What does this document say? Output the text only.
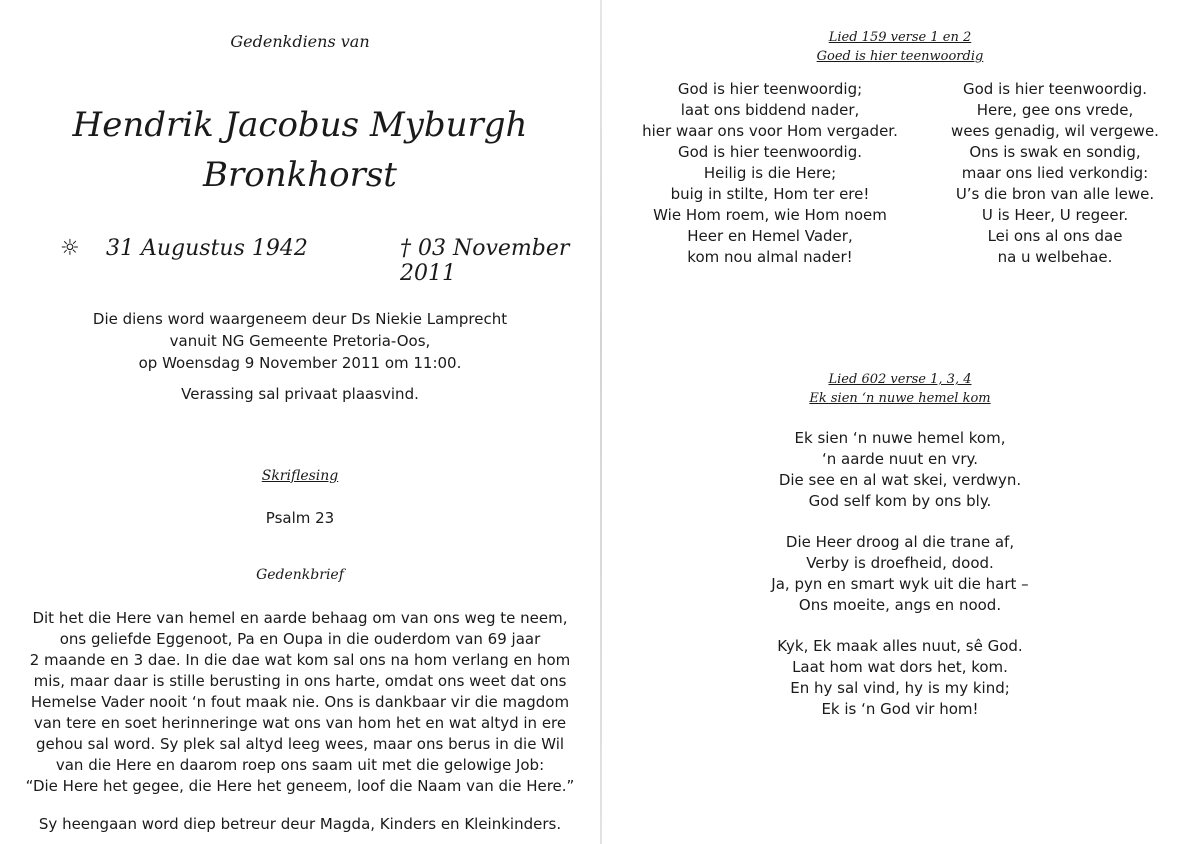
Gedenkdiens van
Hendrik Jacobus Myburgh
Bronkhorst
☼ 31 Augustus 1942	† 03 November 2011
Die diens word waargeneem deur Ds Niekie Lamprecht
vanuit NG Gemeente Pretoria-Oos,
op Woensdag 9 November 2011 om 11:00.
Verassing sal privaat plaasvind.
Skriflesing
Psalm 23
Gedenkbrief
Dit het die Here van hemel en aarde behaag om van ons weg te neem,
ons geliefde Eggenoot, Pa en Oupa in die ouderdom van 69 jaar
2 maande en 3 dae. In die dae wat kom sal ons na hom verlang en hom
mis, maar daar is stille berusting in ons harte, omdat ons weet dat ons
Hemelse Vader nooit ‘n fout maak nie. Ons is dankbaar vir die magdom
van tere en soet herinneringe wat ons van hom het en wat altyd in ere
gehou sal word. Sy plek sal altyd leeg wees, maar ons berus in die Wil
van die Here en daarom roep ons saam uit met die gelowige Job:
“Die Here het gegee, die Here het geneem, loof die Naam van die Here.”
Sy heengaan word diep betreur deur Magda, Kinders en Kleinkinders.
Lied 159 verse 1 en 2
Goed is hier teenwoordig
God is hier teenwoordig;
laat ons biddend nader,
hier waar ons voor Hom vergader.
God is hier teenwoordig.
Heilig is die Here;
buig in stilte, Hom ter ere!
Wie Hom roem, wie Hom noem
Heer en Hemel Vader,
kom nou almal nader!
God is hier teenwoordig.
Here, gee ons vrede,
wees genadig, wil vergewe.
Ons is swak en sondig,
maar ons lied verkondig:
U’s die bron van alle lewe.
U is Heer, U regeer.
Lei ons al ons dae
na u welbehae.
Lied 602 verse 1, 3, 4
Ek sien ‘n nuwe hemel kom
Ek sien ‘n nuwe hemel kom,
‘n aarde nuut en vry.
Die see en al wat skei, verdwyn.
God self kom by ons bly.
Die Heer droog al die trane af,
Verby is droefheid, dood.
Ja, pyn en smart wyk uit die hart –
Ons moeite, angs en nood.
Kyk, Ek maak alles nuut, sê God.
Laat hom wat dors het, kom.
En hy sal vind, hy is my kind;
Ek is ‘n God vir hom!
